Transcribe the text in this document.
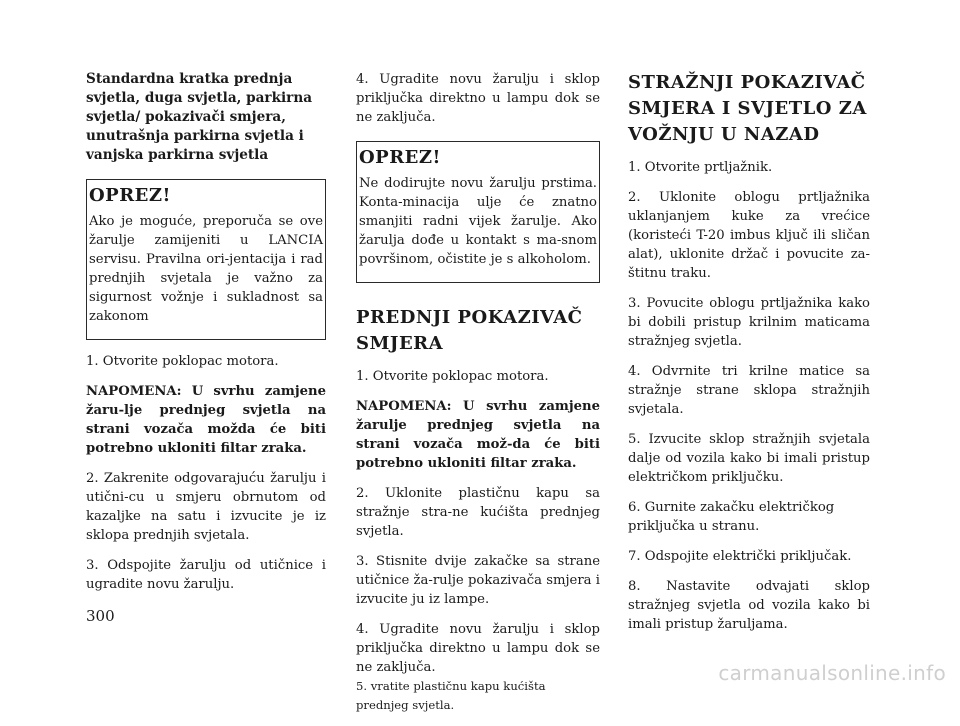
Standardna kratka prednja svjetla, duga svjetla, parkirna svjetla/ pokazivači smjera, unutrašnja parkirna svjetla i vanjska parkirna svjetla

OPREZ!

Ako je moguće, preporuča se ove žarulje zamijeniti u LANCIA servisu. Pravilna ori-jentacija i rad prednjih svjetala je važno za sigurnost vožnje i sukladnost sa zakonom

1. Otvorite poklopac motora.

NAPOMENA: U svrhu zamjene žaru-lje prednjeg svjetla na strani vozača možda će biti potrebno ukloniti filtar zraka.

2. Zakrenite odgovarajuću žarulju i utični-cu u smjeru obrnutom od kazaljke na satu i izvucite je iz sklopa prednjih svjetala.

3. Odspojite žarulju od utičnice i ugradite novu žarulju.

4. Ugradite novu žarulju i sklop priključka direktno u lampu dok se ne zaključa.

OPREZ!

Ne dodirujte novu žarulju prstima. Konta-minacija ulje će znatno smanjiti radni vijek žarulje. Ako žarulja dođe u kontakt s ma-snom površinom, očistite je s alkoholom.

PREDNJI POKAZIVAČ SMJERA

1. Otvorite poklopac motora.

NAPOMENA: U svrhu zamjene žarulje prednjeg svjetla na strani vozača mož-da će biti potrebno ukloniti filtar zraka.

2. Uklonite plastičnu kapu sa stražnje stra-ne kućišta prednjeg svjetla.

3. Stisnite dvije zakačke sa strane utičnice ža-rulje pokazivača smjera i izvucite ju iz lampe.

4. Ugradite novu žarulju i sklop priključka direktno u lampu dok se ne zaključa.

5. vratite plastičnu kapu kućišta prednjeg svjetla.

STRAŽNJI POKAZIVAČ SMJERA I SVJETLO ZA VOŽNJU U NAZAD

1. Otvorite prtljažnik.

2. Uklonite oblogu prtljažnika uklanjanjem kuke za vrećice (koristeći T-20 imbus ključ ili sličan alat), uklonite držač i povucite za-štitnu traku.

3. Povucite oblogu prtljažnika kako bi dobili pristup krilnim maticama stražnjeg svjetla.

4. Odvrnite tri krilne matice sa stražnje strane sklopa stražnjih svjetala.

5. Izvucite sklop stražnjih svjetala dalje od vozila kako bi imali pristup električkom priključku.

6. Gurnite zakačku električkog priključka u stranu.

7. Odspojite električki priključak.

8. Nastavite odvajati sklop stražnjeg svjetla od vozila kako bi imali pristup žaruljama.

300
carmanualsonline.info
